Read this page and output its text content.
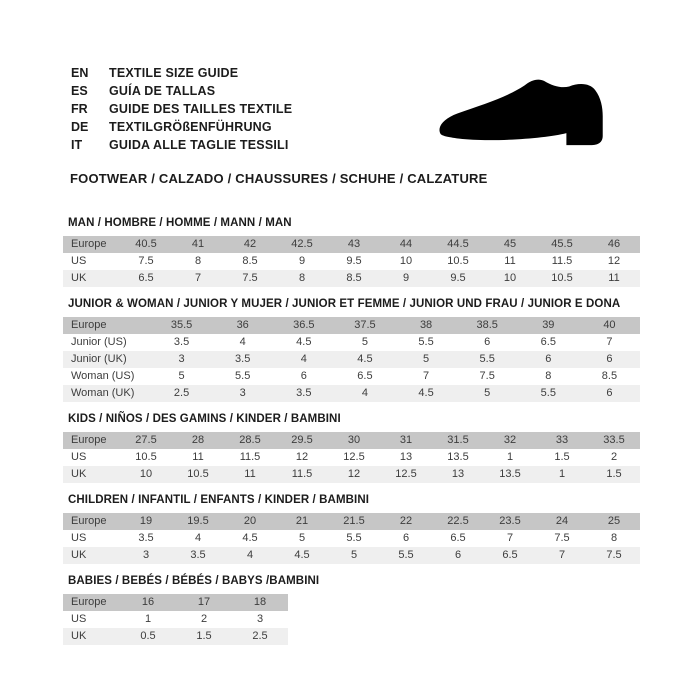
EN TEXTILE SIZE GUIDE
ES GUÍA DE TALLAS
FR GUIDE DES TAILLES TEXTILE
DE TEXTILGRÖßENFÜHRUNG
IT GUIDA ALLE TAGLIE TESSILI
FOOTWEAR / CALZADO / CHAUSSURES / SCHUHE / CALZATURE
MAN / HOMBRE / HOMME / MANN / MAN
Europe	40.5	41	42	42.5	43	44	44.5	45	45.5	46
US	7.5	8	8.5	9	9.5	10	10.5	11	11.5	12
UK	6.5	7	7.5	8	8.5	9	9.5	10	10.5	11
JUNIOR & WOMAN / JUNIOR Y MUJER / JUNIOR ET FEMME / JUNIOR UND FRAU / JUNIOR E DONA
Europe	35.5	36	36.5	37.5	38	38.5	39	40
Junior (US)	3.5	4	4.5	5	5.5	6	6.5	7
Junior (UK)	3	3.5	4	4.5	5	5.5	6	6
Woman (US)	5	5.5	6	6.5	7	7.5	8	8.5
Woman (UK)	2.5	3	3.5	4	4.5	5	5.5	6
KIDS / NIÑOS / DES GAMINS / KINDER / BAMBINI
Europe	27.5	28	28.5	29.5	30	31	31.5	32	33	33.5
US	10.5	11	11.5	12	12.5	13	13.5	1	1.5	2
UK	10	10.5	11	11.5	12	12.5	13	13.5	1	1.5
CHILDREN / INFANTIL / ENFANTS / KINDER / BAMBINI
Europe	19	19.5	20	21	21.5	22	22.5	23.5	24	25
US	3.5	4	4.5	5	5.5	6	6.5	7	7.5	8
UK	3	3.5	4	4.5	5	5.5	6	6.5	7	7.5
BABIES / BEBÉS / BÉBÉS / BABYS /BAMBINI
Europe	16	17	18
US	1	2	3
UK	0.5	1.5	2.5
